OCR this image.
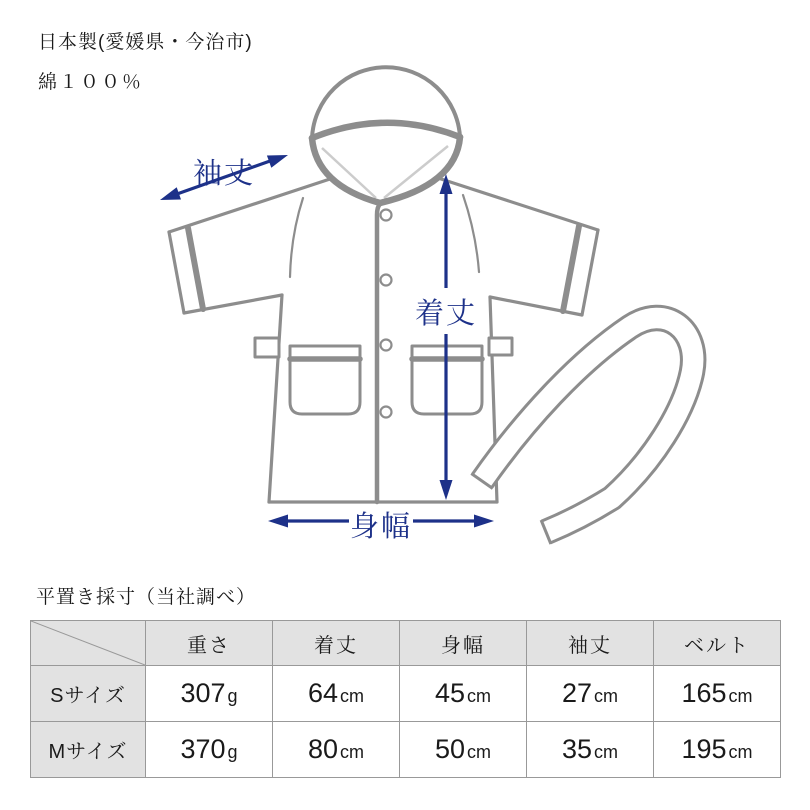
日本製(愛媛県・今治市)
綿１００％
袖丈
着丈
身幅
平置き採寸（当社調べ）
	重さ	着丈	身幅	袖丈	ベルト
Sサイズ	307 g	64 cm	45 cm	27 cm	165 cm
Mサイズ	370 g	80 cm	50 cm	35 cm	195 cm
